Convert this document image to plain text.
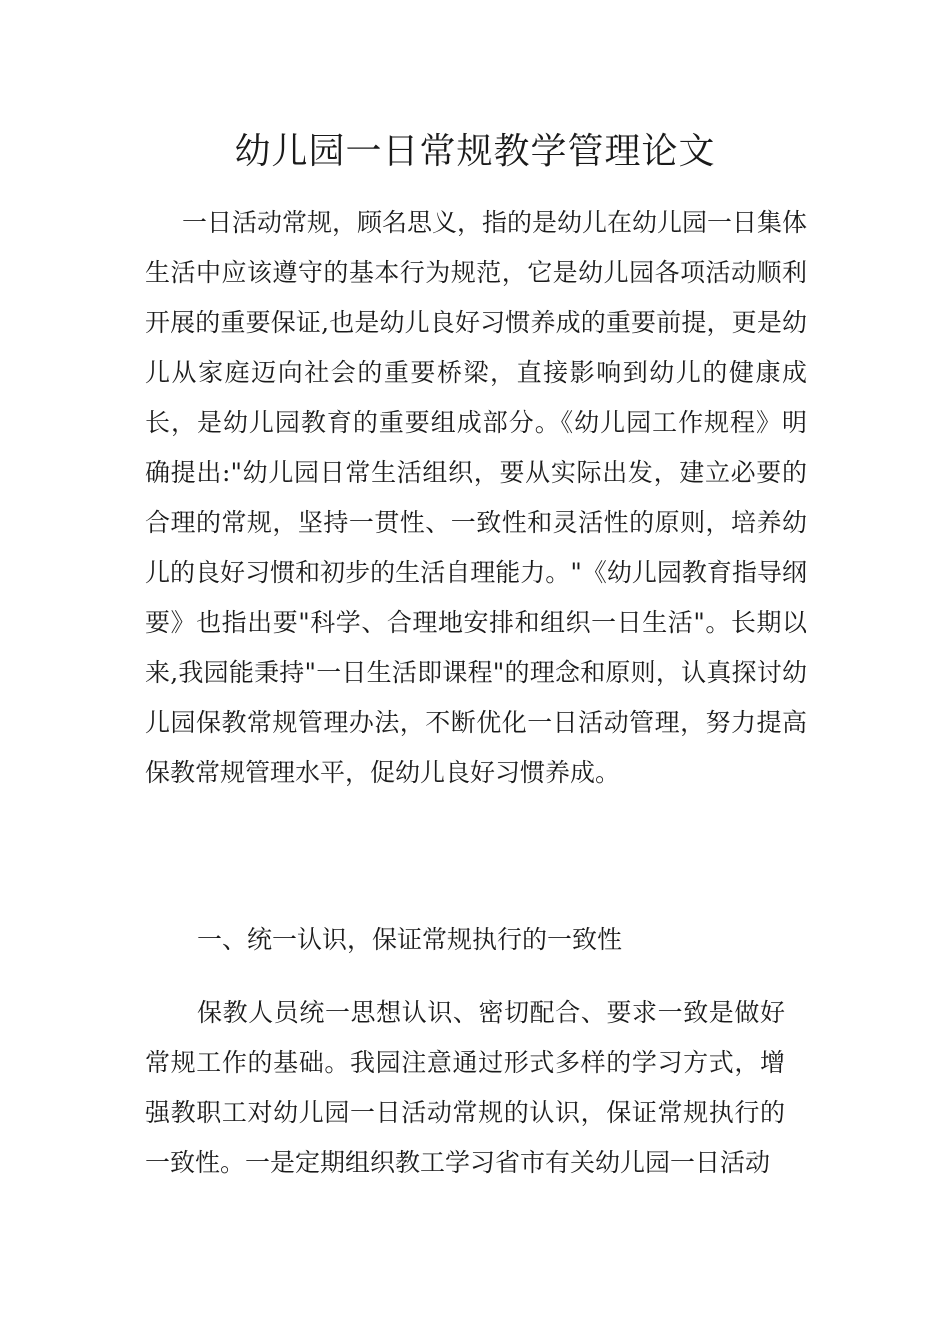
幼儿园一日常规教学管理论文

一日活动常规，顾名思义，指的是幼儿在幼儿园一日集体生活中应该遵守的基本行为规范，它是幼儿园各项活动顺利开展的重要保证,也是幼儿良好习惯养成的重要前提，更是幼儿从家庭迈向社会的重要桥梁，直接影响到幼儿的健康成长，是幼儿园教育的重要组成部分。《幼儿园工作规程》明确提出:"幼儿园日常生活组织，要从实际出发，建立必要的合理的常规，坚持一贯性、一致性和灵活性的原则，培养幼儿的良好习惯和初步的生活自理能力。"《幼儿园教育指导纲要》也指出要"科学、合理地安排和组织一日生活"。长期以来,我园能秉持"一日生活即课程"的理念和原则，认真探讨幼儿园保教常规管理办法，不断优化一日活动管理，努力提高保教常规管理水平，促幼儿良好习惯养成。

一、统一认识，保证常规执行的一致性

保教人员统一思想认识、密切配合、要求一致是做好常规工作的基础。我园注意通过形式多样的学习方式，增强教职工对幼儿园一日活动常规的认识，保证常规执行的一致性。一是定期组织教工学习省市有关幼儿园一日活动
